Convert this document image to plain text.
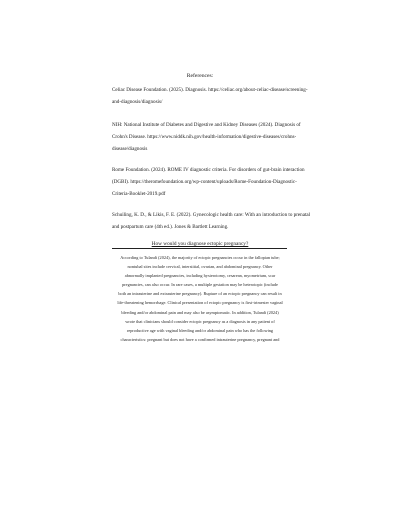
References:

Celiac Disease Foundation. (2025). Diagnosis. https://celiac.org/about-celiac-disease/screening-
and-diagnosis/diagnosis/

NIH: National Institute of Diabetes and Digestive and Kidney Diseases (2024). Diagnosis of
Crohn's Disease. https://www.niddk.nih.gov/health-information/digestive-diseases/crohns-
disease/diagnosis

Rome Foundation. (2024). ROME IV diagnostic criteria. For disorders of gut-brain interaction
(DGBI). https://theromefoundation.org/wp-content/uploads/Rome-Foundation-Diagnostic-
Criteria-Booklet-2019.pdf

Schuiling, K. D., & Likis, F. E. (2022). Gynecologic health care: With an introduction to prenatal
and postpartum care (4th ed.). Jones & Bartlett Learning.

How would you diagnose ectopic pregnancy?

According to Tulandi (2024), the majority of ectopic pregnancies occur in the fallopian tube;
nontubal sites include cervical, interstitial, ovarian, and abdominal pregnancy. Other
abnormally implanted pregnancies, including hysterotomy, cesarean, myometrium, scar
pregnancies, can also occur. In rare cases, a multiple gestation may be heterotopic (include
both an intrauterine and extrauterine pregnancy). Rupture of an ectopic pregnancy can result in
life-threatening hemorrhage. Clinical presentation of ectopic pregnancy is first-trimester vaginal
bleeding and/or abdominal pain and may also be asymptomatic. In addition, Tulandi (2024)
wrote that clinicians should consider ectopic pregnancy as a diagnosis in any patient of
reproductive age with vaginal bleeding and/or abdominal pain who has the following
characteristics: pregnant but does not have a confirmed intrauterine pregnancy, pregnant and
